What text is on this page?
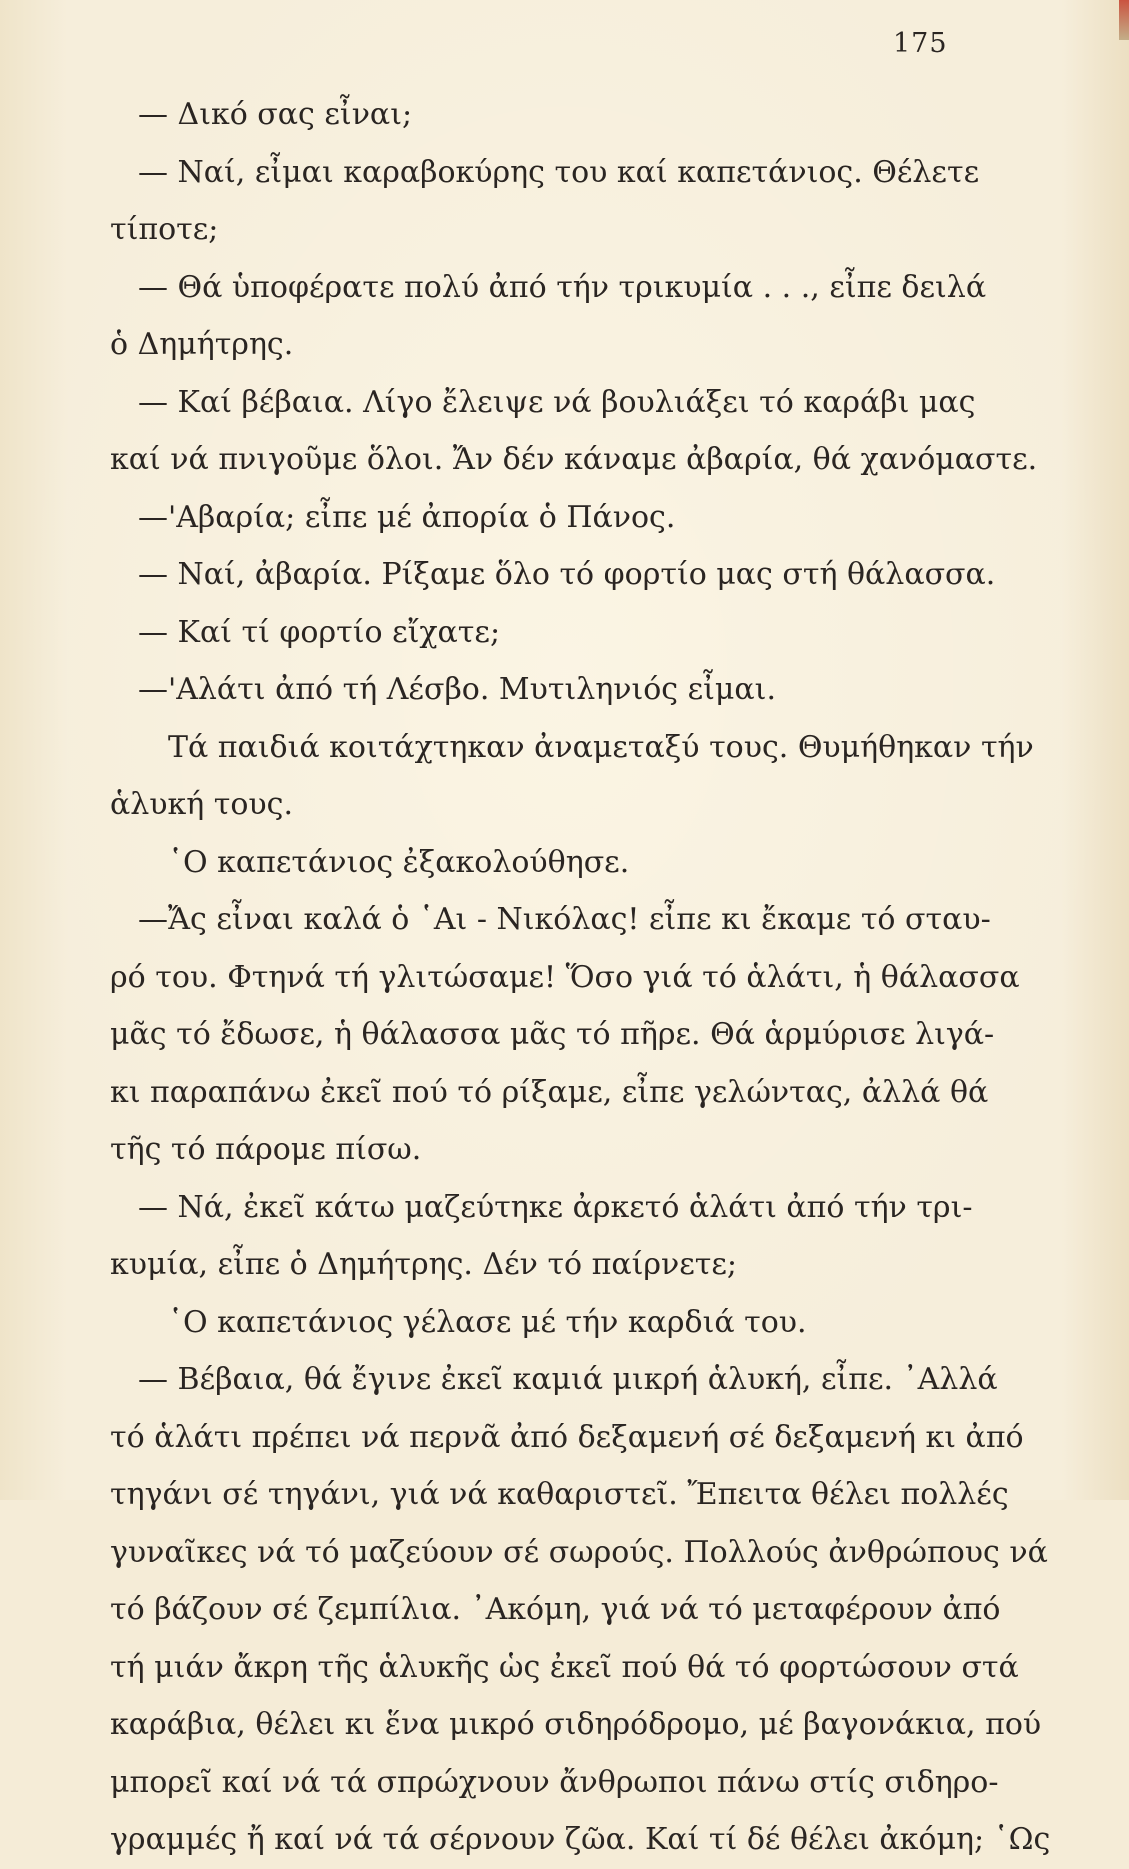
175
— Δικό σας εἶναι;
— Ναί, εἶμαι καραβοκύρης του καί καπετάνιος. Θέλετε
τίποτε;
— Θά ὑποφέρατε πολύ ἀπό τήν τρικυμία . . ., εἶπε δειλά
ὁ Δημήτρης.
— Καί βέβαια. Λίγο ἔλειψε νά βουλιάξει τό καράβι μας
καί νά πνιγοῦμε ὅλοι. Ἄν δέν κάναμε ἀβαρία, θά χανόμαστε.
—'Αβαρία; εἶπε μέ ἀπορία ὁ Πάνος.
— Ναί, ἀβαρία. Ρίξαμε ὅλο τό φορτίο μας στή θάλασσα.
— Καί τί φορτίο εἴχατε;
—'Αλάτι ἀπό τή Λέσβο. Μυτιληνιός εἶμαι.
Τά παιδιά κοιτάχτηκαν ἀναμεταξύ τους. Θυμήθηκαν τήν
ἁλυκή τους.
῾Ο καπετάνιος ἐξακολούθησε.
—Ἄς εἶναι καλά ὁ ῾Αι - Νικόλας! εἶπε κι ἔκαμε τό σταυ-
ρό του. Φτηνά τή γλιτώσαμε! Ὅσο γιά τό ἁλάτι, ἡ θάλασσα
μᾶς τό ἔδωσε, ἡ θάλασσα μᾶς τό πῆρε. Θά ἁρμύρισε λιγά-
κι παραπάνω ἐκεῖ πού τό ρίξαμε, εἶπε γελώντας, ἀλλά θά
τῆς τό πάρομε πίσω.
— Νά, ἐκεῖ κάτω μαζεύτηκε ἀρκετό ἁλάτι ἀπό τήν τρι-
κυμία, εἶπε ὁ Δημήτρης. Δέν τό παίρνετε;
῾Ο καπετάνιος γέλασε μέ τήν καρδιά του.
— Βέβαια, θά ἔγινε ἐκεῖ καμιά μικρή ἁλυκή, εἶπε. ᾿Αλλά
τό ἁλάτι πρέπει νά περνᾶ ἀπό δεξαμενή σέ δεξαμενή κι ἀπό
τηγάνι σέ τηγάνι, γιά νά καθαριστεῖ. Ἔπειτα θέλει πολλές
γυναῖκες νά τό μαζεύουν σέ σωρούς. Πολλούς ἀνθρώπους νά
τό βάζουν σέ ζεμπίλια. ᾿Ακόμη, γιά νά τό μεταφέρουν ἀπό
τή μιάν ἄκρη τῆς ἁλυκῆς ὡς ἐκεῖ πού θά τό φορτώσουν στά
καράβια, θέλει κι ἕνα μικρό σιδηρόδρομο, μέ βαγονάκια, πού
μπορεῖ καί νά τά σπρώχνουν ἄνθρωποι πάνω στίς σιδηρο-
γραμμές ἤ καί νά τά σέρνουν ζῶα. Καί τί δέ θέλει ἀκόμη; ῾Ως
